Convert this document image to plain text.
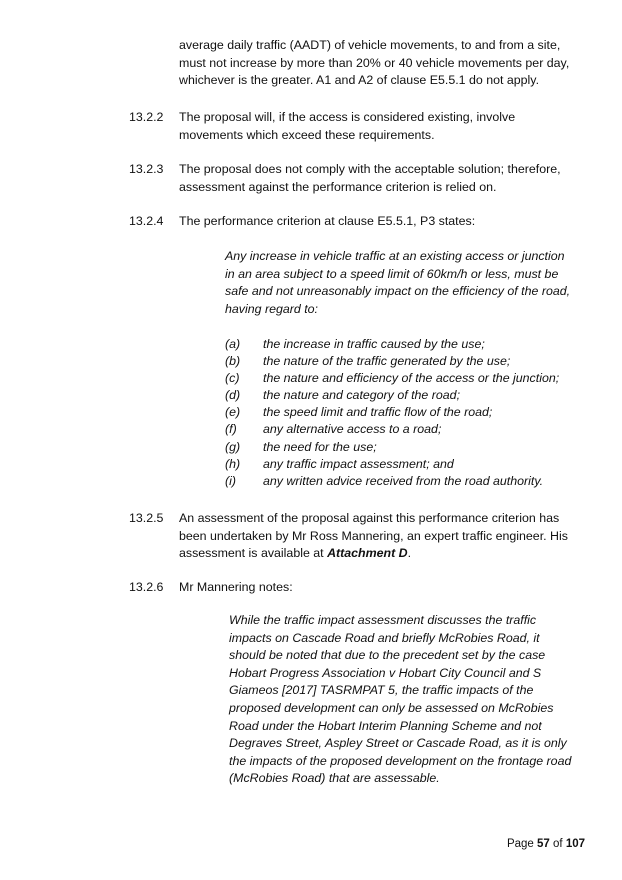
average daily traffic (AADT) of vehicle movements, to and from a site,
must not increase by more than 20% or 40 vehicle movements per day,
whichever is the greater. A1 and A2 of clause E5.5.1 do not apply.

13.2.2 The proposal will, if the access is considered existing, involve
movements which exceed these requirements.

13.2.3 The proposal does not comply with the acceptable solution; therefore,
assessment against the performance criterion is relied on.

13.2.4 The performance criterion at clause E5.5.1, P3 states:

Any increase in vehicle traffic at an existing access or junction
in an area subject to a speed limit of 60km/h or less, must be
safe and not unreasonably impact on the efficiency of the road,
having regard to:

(a) the increase in traffic caused by the use;
(b) the nature of the traffic generated by the use;
(c) the nature and efficiency of the access or the junction;
(d) the nature and category of the road;
(e) the speed limit and traffic flow of the road;
(f) any alternative access to a road;
(g) the need for the use;
(h) any traffic impact assessment; and
(i) any written advice received from the road authority.

13.2.5 An assessment of the proposal against this performance criterion has
been undertaken by Mr Ross Mannering, an expert traffic engineer. His
assessment is available at Attachment D.

13.2.6 Mr Mannering notes:

While the traffic impact assessment discusses the traffic
impacts on Cascade Road and briefly McRobies Road, it
should be noted that due to the precedent set by the case
Hobart Progress Association v Hobart City Council and S
Giameos [2017] TASRMPAT 5, the traffic impacts of the
proposed development can only be assessed on McRobies
Road under the Hobart Interim Planning Scheme and not
Degraves Street, Aspley Street or Cascade Road, as it is only
the impacts of the proposed development on the frontage road
(McRobies Road) that are assessable.

Page 57 of 107
